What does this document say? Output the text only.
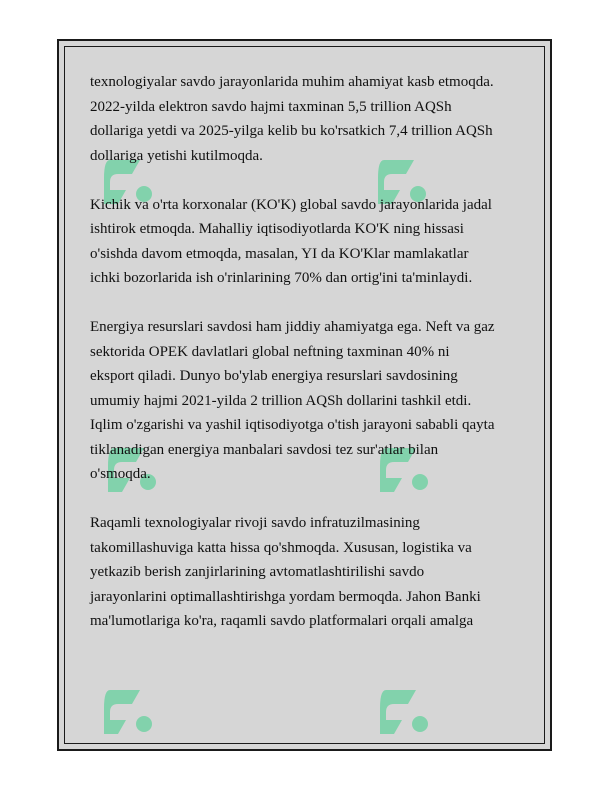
texnologiyalar savdo jarayonlarida muhim ahamiyat kasb etmoqda.
2022-yilda elektron savdo hajmi taxminan 5,5 trillion AQSh
dollariga yetdi va 2025-yilga kelib bu ko'rsatkich 7,4 trillion AQSh
dollariga yetishi kutilmoqda.

Kichik va o'rta korxonalar (KO'K) global savdo jarayonlarida jadal
ishtirok etmoqda. Mahalliy iqtisodiyotlarda KO'K ning hissasi
o'sishda davom etmoqda, masalan, YI da KO'Klar mamlakatlar
ichki bozorlarida ish o'rinlarining 70% dan ortig'ini ta'minlaydi.

Energiya resurslari savdosi ham jiddiy ahamiyatga ega. Neft va gaz
sektorida OPEK davlatlari global neftning taxminan 40% ni
eksport qiladi. Dunyo bo'ylab energiya resurslari savdosining
umumiy hajmi 2021-yilda 2 trillion AQSh dollarini tashkil etdi.
Iqlim o'zgarishi va yashil iqtisodiyotga o'tish jarayoni sababli qayta
tiklanadigan energiya manbalari savdosi tez sur'atlar bilan
o'smoqda.

Raqamli texnologiyalar rivoji savdo infratuzilmasining
takomillashuviga katta hissa qo'shmoqda. Xususan, logistika va
yetkazib berish zanjirlarining avtomatlashtirilishi savdo
jarayonlarini optimallashtirishga yordam bermoqda. Jahon Banki
ma'lumotlariga ko'ra, raqamli savdo platformalari orqali amalga
